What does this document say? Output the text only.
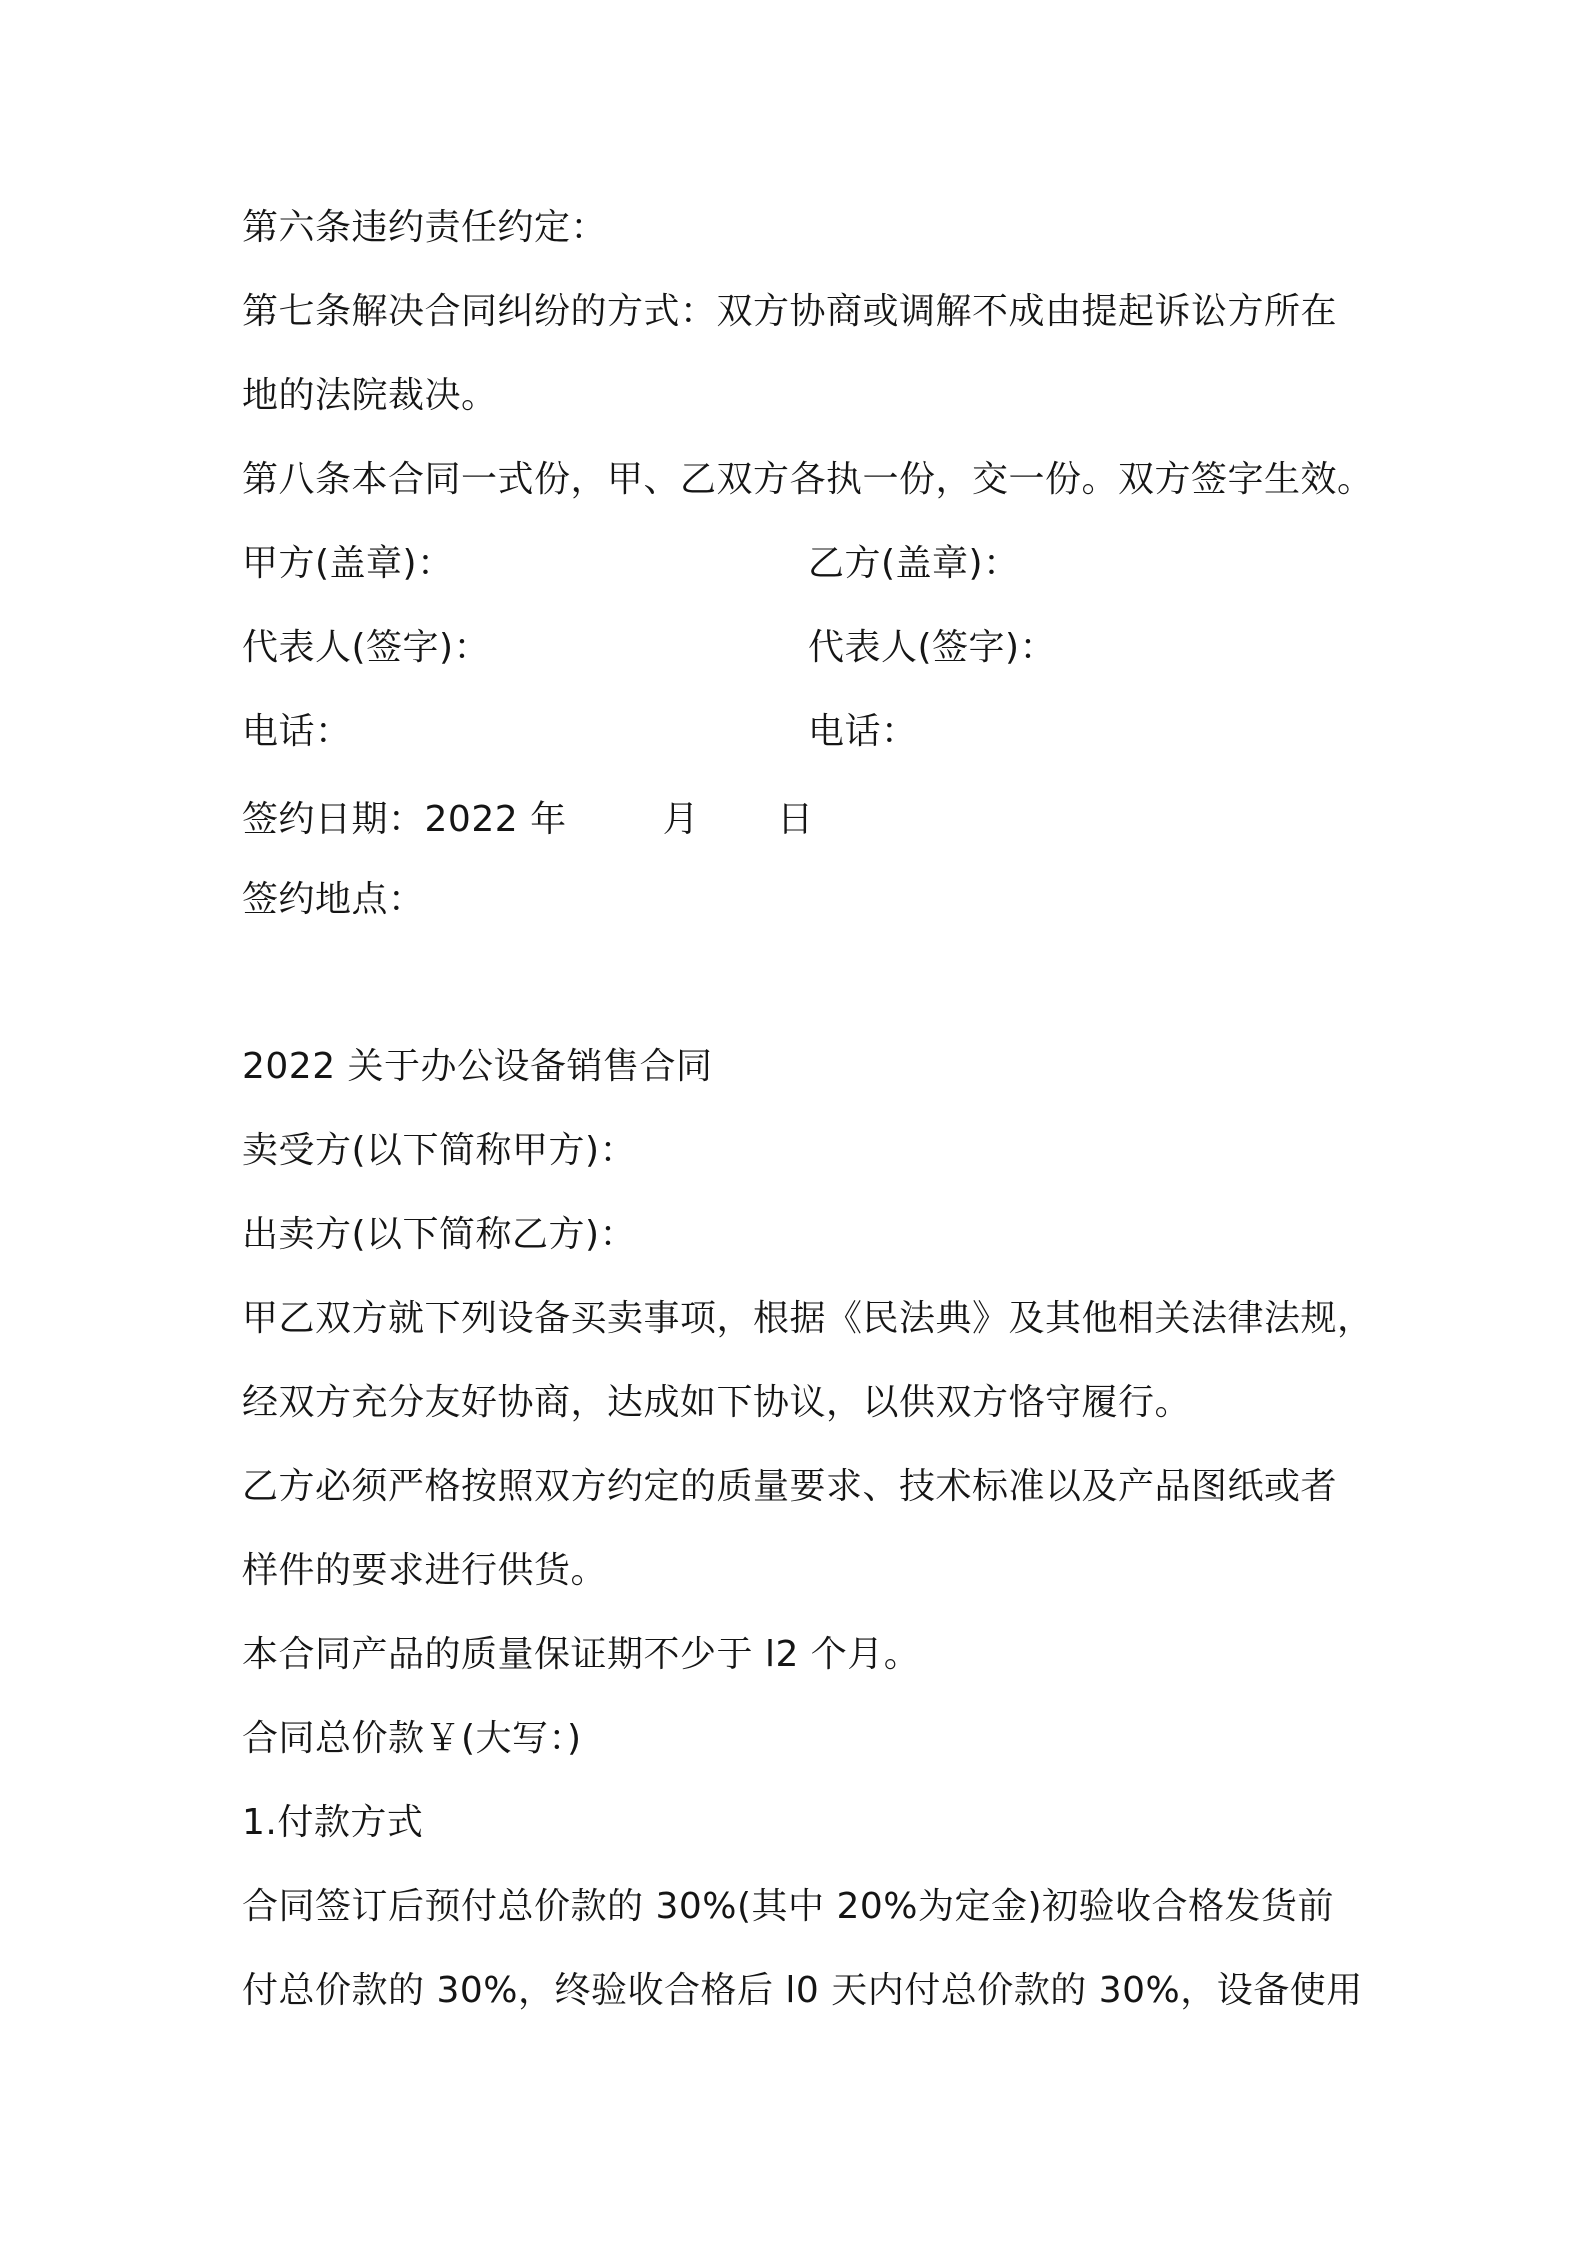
第六条违约责任约定：
第七条解决合同纠纷的方式：双方协商或调解不成由提起诉讼方所在
地的法院裁决。
第八条本合同一式份，甲、乙双方各执一份，交一份。双方签字生效。
甲方(盖章)：	乙方(盖章)：
代表人(签字)：	代表人(签字)：
电话：	电话：
签约日期：2022 年	月 日
签约地点：
2022 关于办公设备销售合同
卖受方(以下简称甲方)：
出卖方(以下简称乙方)：
甲乙双方就下列设备买卖事项，根据《民法典》及其他相关法律法规，
经双方充分友好协商，达成如下协议，以供双方恪守履行。
乙方必须严格按照双方约定的质量要求、技术标准以及产品图纸或者
样件的要求进行供货。
本合同产品的质量保证期不少于 l2 个月。
合同总价款￥(大写：)
1.付款方式
合同签订后预付总价款的 30%(其中 20%为定金)初验收合格发货前
付总价款的 30%，终验收合格后 l0 天内付总价款的 30%，设备使用
